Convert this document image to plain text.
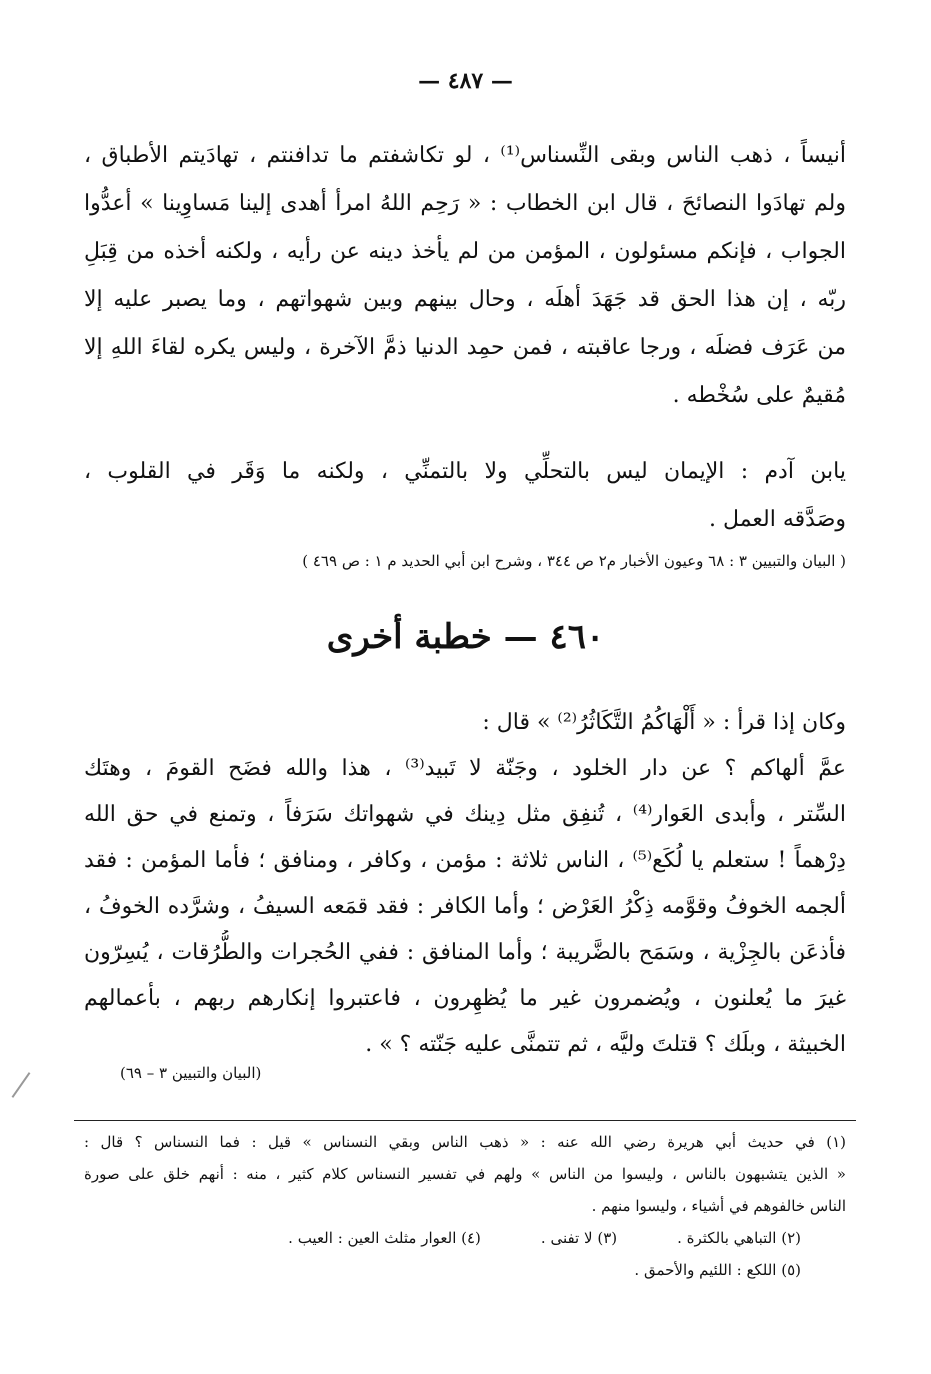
— ٤٨٧ —
أنيساً ، ذهب الناس وبقى النِّسناس⁽¹⁾ ، لو تكاشفتم ما تدافنتم ، تهادَيتم الأطباق ،
ولم تهادَوا النصائحَ ، قال ابن الخطاب : « رَحِم اللهُ امرأ أهدى إلينا مَساوِينا » أعدُّوا
الجواب ، فإنكم مسئولون ، المؤمن من لم يأخذ دينه عن رأيه ، ولكنه أخذه من قِبَلِ
ربّه ، إن هذا الحق قد جَهَدَ أهلَه ، وحال بينهم وبين شهواتهم ، وما يصبر عليه إلا
من عَرَف فضلَه ، ورجا عاقبته ، فمن حمِد الدنيا ذمَّ الآخرة ، وليس يكره لقاءَ اللهِ إلا
مُقيمٌ على سُخْطه .
يابن آدم : الإيمان ليس بالتحلِّي ولا بالتمنِّي ، ولكنه ما وَقَر في القلوب ،
وصَدَّقه العمل .
( البيان والتبيين ٣ : ٦٨ وعيون الأخبار م٢ ص ٣٤٤ ، وشرح ابن أبي الحديد م ١ : ص ٤٦٩ )
٤٦٠ — خطبة أخرى
وكان إذا قرأ : « أَلْهَاكُمُ التَّكَاثُرُ⁽²⁾ » قال :
عمَّ ألهاكم ؟ عن دار الخلود ، وجَنّة لا تَبيد⁽³⁾ ، هذا والله فضَح القومَ ، وهتَك
السِّتر ، وأبدى العَوار⁽⁴⁾ ، تُنفِق مثل دِينك في شهواتك سَرَفاً ، وتمنع في حق الله
دِرْهماً ! ستعلم يا لُكَع⁽⁵⁾ ، الناس ثلاثة : مؤمن ، وكافر ، ومنافق ؛ فأما المؤمن : فقد
ألجمه الخوفُ وقوَّمه ذِكْرُ العَرْض ؛ وأما الكافر : فقد قمَعه السيفُ ، وشرَّده الخوفُ ،
فأذعَن بالجِزْية ، وسَمَح بالضَّريبة ؛ وأما المنافق : ففي الحُجرات والطُّرُقات ، يُسِرّون
غيرَ ما يُعلنون ، ويُضمرون غير ما يُظهِرون ، فاعتبروا إنكارهم ربهم ، بأعمالهم
الخبيثة ، وبلَك ؟ قتلتَ وليَّه ، ثم تتمنَّى عليه جَنّته ؟ » .
(البيان والتبيين ٣ – ٦٩)
(١) في حديث أبي هريرة رضي الله عنه : « ذهب الناس وبقي النسناس » قيل : فما النسناس ؟ قال :
« الذين يتشبهون بالناس ، وليسوا من الناس » ولهم في تفسير النسناس كلام كثير ، منه : أنهم خلق على صورة
الناس خالفوهم في أشياء ، وليسوا منهم .
(٢) التباهي بالكثرة .
(٣) لا تفنى .
(٤) العوار مثلث العين : العيب .
(٥) اللكع : اللئيم والأحمق .
